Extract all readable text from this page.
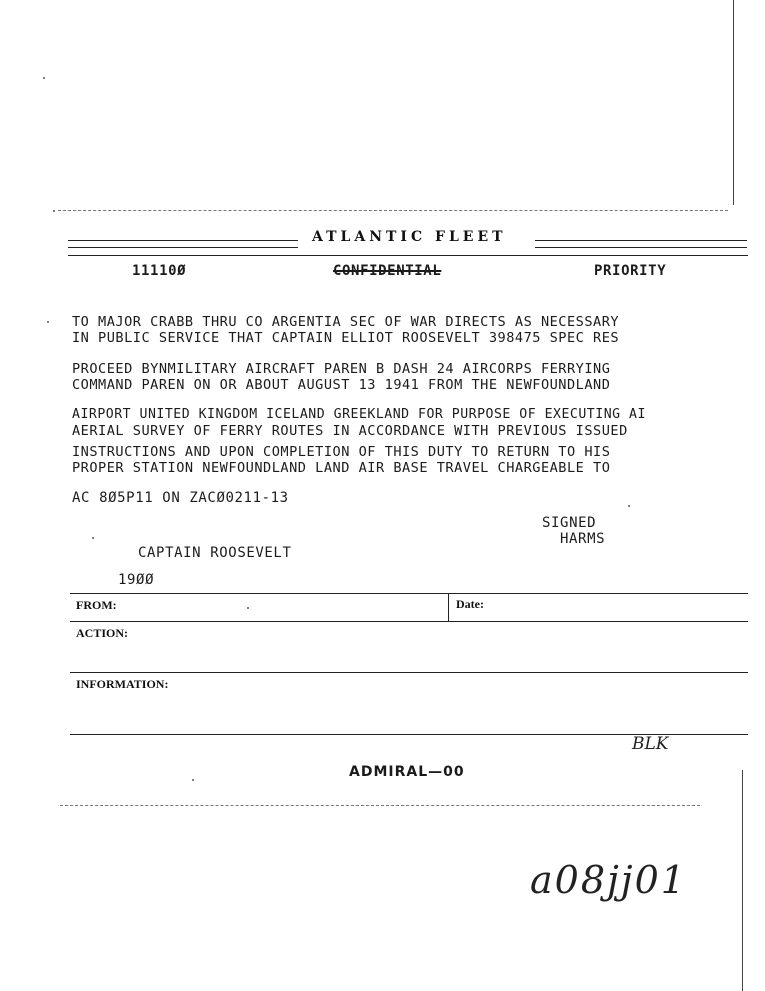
ATLANTIC FLEET
11110Ø	CONFIDENTIAL	PRIORITY
TO MAJOR CRABB THRU CO ARGENTIA SEC OF WAR DIRECTS AS NECESSARY
IN PUBLIC SERVICE THAT CAPTAIN ELLIOT ROOSEVELT 398475 SPEC RES
PROCEED BYNMILITARY AIRCRAFT PAREN B DASH 24 AIRCORPS FERRYING
COMMAND PAREN ON OR ABOUT AUGUST 13 1941 FROM THE NEWFOUNDLAND
AIRPORT UNITED KINGDOM ICELAND GREEKLAND FOR PURPOSE OF EXECUTING AI
AERIAL SURVEY OF FERRY ROUTES IN ACCORDANCE WITH PREVIOUS ISSUED
INSTRUCTIONS AND UPON COMPLETION OF THIS DUTY TO RETURN TO HIS
PROPER STATION NEWFOUNDLAND LAND AIR BASE TRAVEL CHARGEABLE TO
AC 8Ø5P11 ON ZACØ0211-13
SIGNED
HARMS
CAPTAIN ROOSEVELT
19ØØ
FROM:	Date:
ACTION:
INFORMATION:
BLK
ADMIRAL—00
a08jj01
